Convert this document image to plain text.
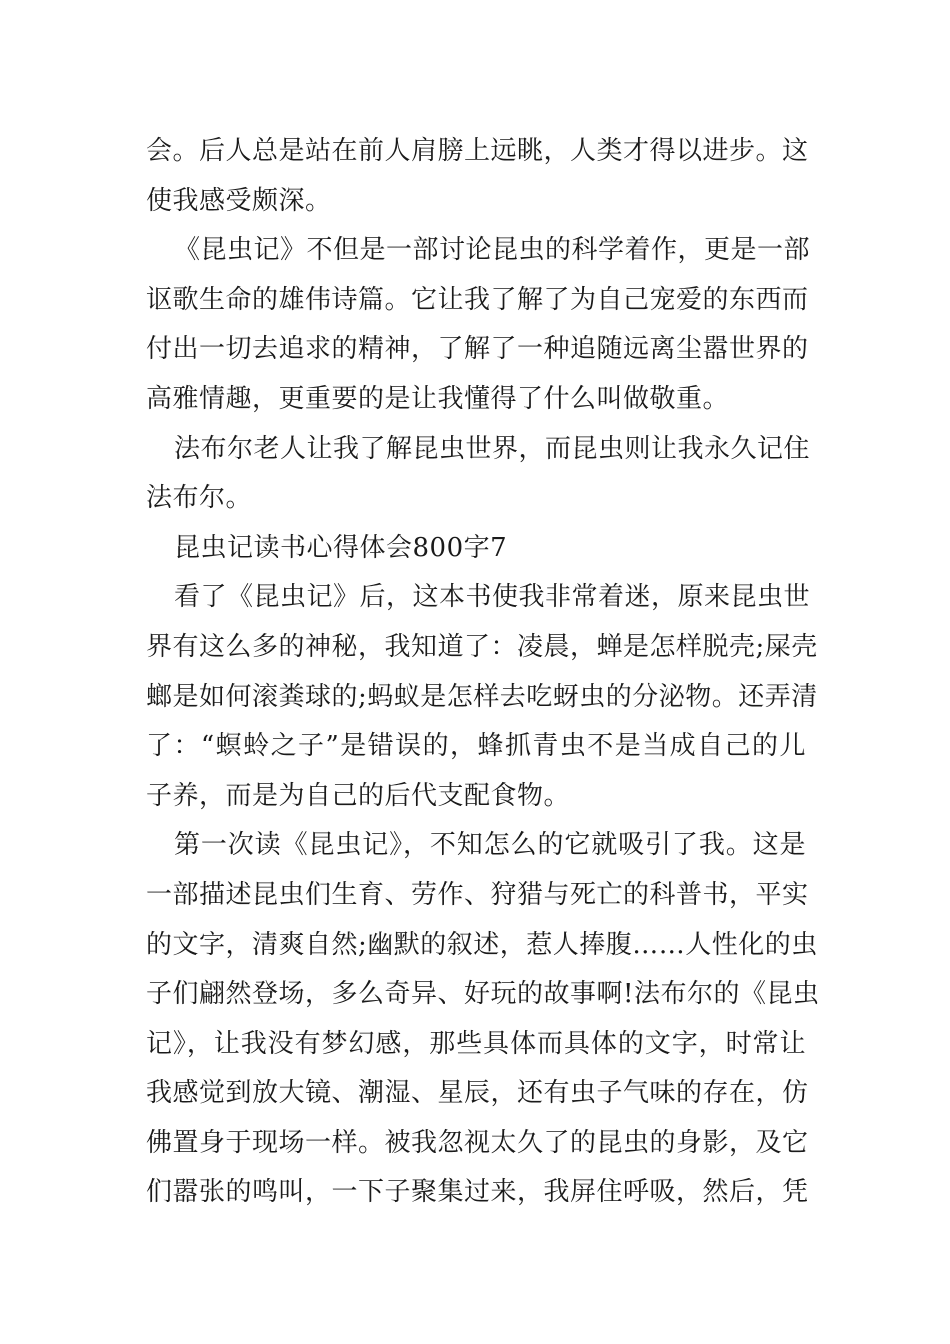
会。后人总是站在前人肩膀上远眺，人类才得以进步。这
使我感受颇深。

《昆虫记》不但是一部讨论昆虫的科学着作，更是一部
讴歌生命的雄伟诗篇。它让我了解了为自己宠爱的东西而
付出一切去追求的精神，了解了一种追随远离尘嚣世界的
高雅情趣，更重要的是让我懂得了什么叫做敬重。

法布尔老人让我了解昆虫世界，而昆虫则让我永久记住
法布尔。

昆虫记读书心得体会800字7

看了《昆虫记》后，这本书使我非常着迷，原来昆虫世
界有这么多的神秘，我知道了：凌晨，蝉是怎样脱壳;屎壳
螂是如何滚粪球的;蚂蚁是怎样去吃蚜虫的分泌物。还弄清
了：“螟蛉之子”是错误的，蜂抓青虫不是当成自己的儿
子养，而是为自己的后代支配食物。

第一次读《昆虫记》，不知怎么的它就吸引了我。这是
一部描述昆虫们生育、劳作、狩猎与死亡的科普书，平实
的文字，清爽自然;幽默的叙述，惹人捧腹……人性化的虫
子们翩然登场，多么奇异、好玩的故事啊!法布尔的《昆虫
记》，让我没有梦幻感，那些具体而具体的文字，时常让
我感觉到放大镜、潮湿、星辰，还有虫子气味的存在，仿
佛置身于现场一样。被我忽视太久了的昆虫的身影，及它
们嚣张的鸣叫，一下子聚集过来，我屏住呼吸，然后，凭
